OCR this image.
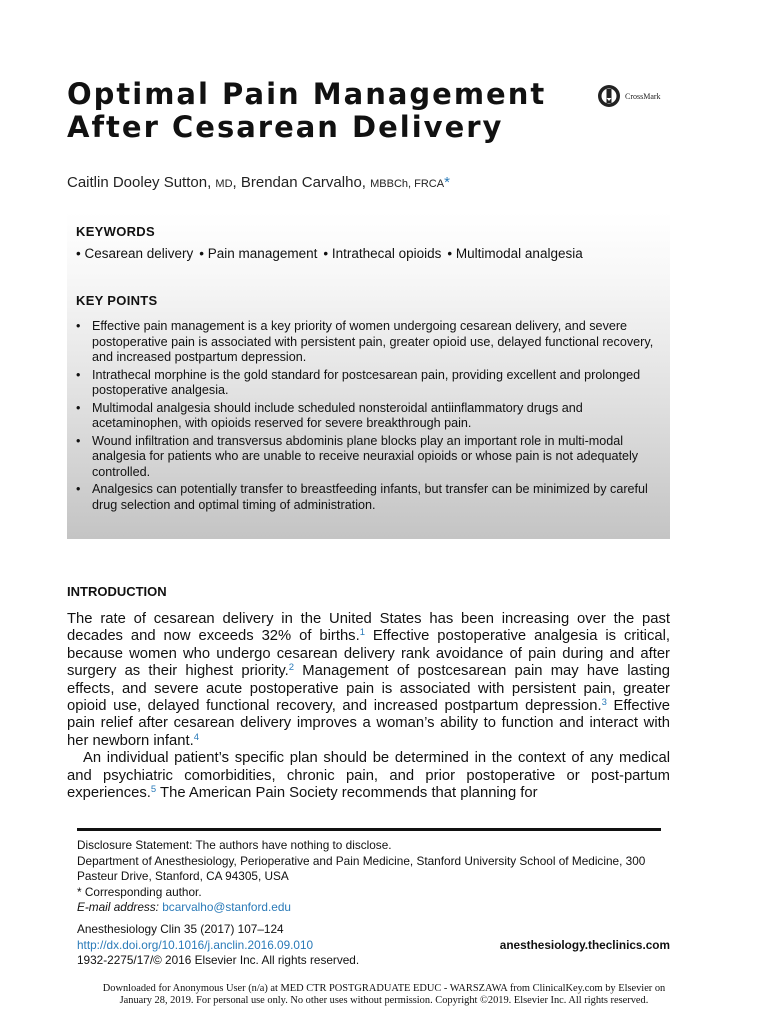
Optimal Pain Management
After Cesarean Delivery
CrossMark
Caitlin Dooley Sutton, MD, Brendan Carvalho, MBBCh, FRCA*
KEYWORDS
• Cesarean delivery	• Pain management	• Intrathecal opioids	• Multimodal analgesia
KEY POINTS
• Effective pain management is a key priority of women undergoing cesarean delivery, and severe postoperative pain is associated with persistent pain, greater opioid use, delayed functional recovery, and increased postpartum depression.
• Intrathecal morphine is the gold standard for postcesarean pain, providing excellent and prolonged postoperative analgesia.
• Multimodal analgesia should include scheduled nonsteroidal antiinflammatory drugs and acetaminophen, with opioids reserved for severe breakthrough pain.
• Wound infiltration and transversus abdominis plane blocks play an important role in multi-modal analgesia for patients who are unable to receive neuraxial opioids or whose pain is not adequately controlled.
• Analgesics can potentially transfer to breastfeeding infants, but transfer can be minimized by careful drug selection and optimal timing of administration.
INTRODUCTION

The rate of cesarean delivery in the United States has been increasing over the past decades and now exceeds 32% of births.$^1$ Effective postoperative analgesia is critical, because women who undergo cesarean delivery rank avoidance of pain during and after surgery as their highest priority.$^2$ Management of postcesarean pain may have lasting effects, and severe acute postoperative pain is associated with persistent pain, greater opioid use, delayed functional recovery, and increased postpartum depression.$^3$ Effective pain relief after cesarean delivery improves a woman’s ability to function and interact with her newborn infant.$^4$

An individual patient’s specific plan should be determined in the context of any medical and psychiatric comorbidities, chronic pain, and prior postoperative or post-partum experiences.$^5$ The American Pain Society recommends that planning for

Disclosure Statement: The authors have nothing to disclose.
Department of Anesthesiology, Perioperative and Pain Medicine, Stanford University School of Medicine, 300 Pasteur Drive, Stanford, CA 94305, USA
* Corresponding author.
E-mail address: bcarvalho@stanford.edu
Anesthesiology Clin 35 (2017) 107–124
http://dx.doi.org/10.1016/j.anclin.2016.09.010	anesthesiology.theclinics.com
1932-2275/17/© 2016 Elsevier Inc. All rights reserved.
Downloaded for Anonymous User (n/a) at MED CTR POSTGRADUATE EDUC - WARSZAWA from ClinicalKey.com by Elsevier on
January 28, 2019. For personal use only. No other uses without permission. Copyright ©2019. Elsevier Inc. All rights reserved.
